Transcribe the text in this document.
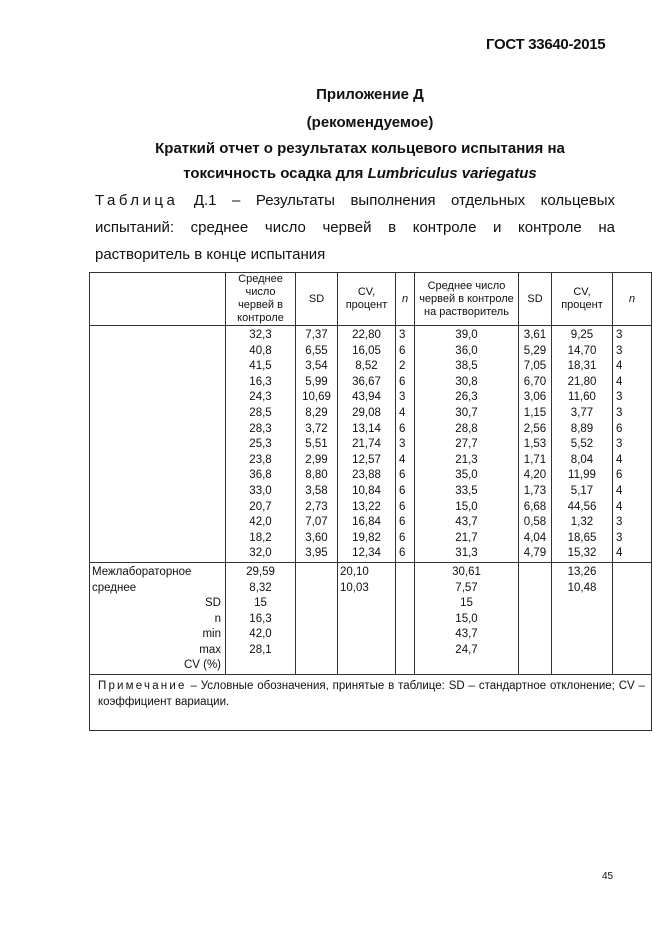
ГОСТ 33640-2015
Приложение Д
(рекомендуемое)
Краткий отчет о результатах кольцевого испытания на
токсичность осадка для Lumbriculus variegatus
Таблица Д.1 – Результаты выполнения отдельных кольцевых
испытаний: среднее число червей в контроле и контроле на
растворитель в конце испытания
	Среднее число червей в контроле	SD	CV, процент	n	Среднее число червей в контроле на растворитель	SD	CV, процент	n
	32,3	7,37	22,80	3	39,0	3,61	9,25	3
	40,8	6,55	16,05	6	36,0	5,29	14,70	3
	41,5	3,54	8,52	2	38,5	7,05	18,31	4
	16,3	5,99	36,67	6	30,8	6,70	21,80	4
	24,3	10,69	43,94	3	26,3	3,06	11,60	3
	28,5	8,29	29,08	4	30,7	1,15	3,77	3
	28,3	3,72	13,14	6	28,8	2,56	8,89	6
	25,3	5,51	21,74	3	27,7	1,53	5,52	3
	23,8	2,99	12,57	4	21,3	1,71	8,04	4
	36,8	8,80	23,88	6	35,0	4,20	11,99	6
	33,0	3,58	10,84	6	33,5	1,73	5,17	4
	20,7	2,73	13,22	6	15,0	6,68	44,56	4
	42,0	7,07	16,84	6	43,7	0,58	1,32	3
	18,2	3,60	19,82	6	21,7	4,04	18,65	3
	32,0	3,95	12,34	6	31,3	4,79	15,32	4
Межлабораторное	29,59		20,10		30,61		13,26	
среднее	8,32		10,03		7,57		10,48	
SD	15				15			
n	16,3				15,0			
min	42,0				43,7			
max	28,1				24,7			
CV (%)								
Примечание – Условные обозначения, принятые в таблице: SD – стандартное отклонение; CV – коэффициент вариации.								
45
